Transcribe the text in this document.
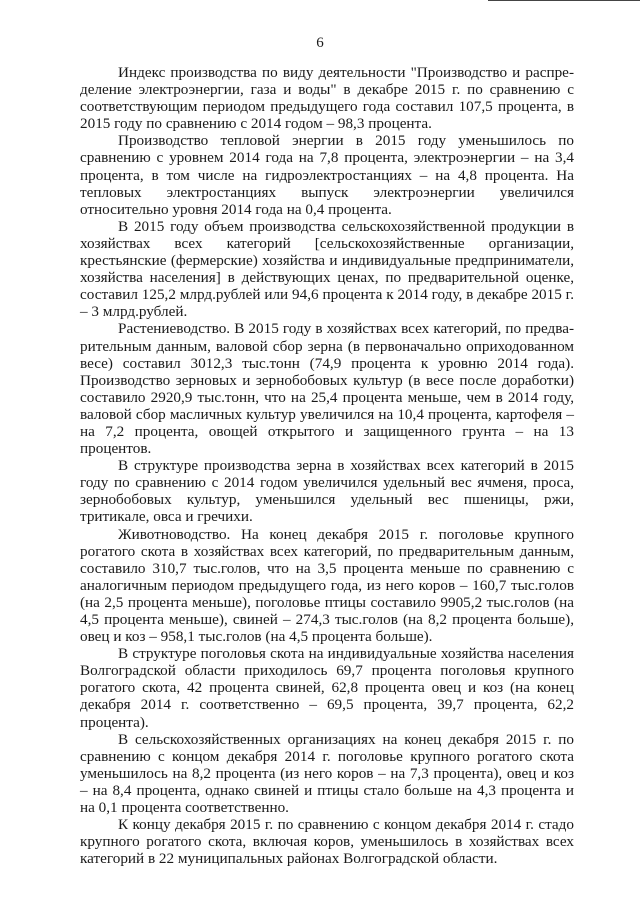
6

Индекс производства по виду деятельности "Производство и распределение электроэнергии, газа и воды" в декабре 2015 г. по сравнению с соответствующим периодом предыдущего года составил 107,5 процента, в 2015 году по сравнению с 2014 годом – 98,3 процента.

Производство тепловой энергии в 2015 году уменьшилось по сравнению с уровнем 2014 года на 7,8 процента, электроэнергии – на 3,4 процента, в том числе на гидроэлектростанциях – на 4,8 процента. На тепловых электростанциях выпуск электроэнергии увеличился относительно уровня 2014 года на 0,4 процента.

В 2015 году объем производства сельскохозяйственной продукции в хозяйствах всех категорий [сельскохозяйственные организации, крестьянские (фермерские) хозяйства и индивидуальные предприниматели, хозяйства населения] в действующих ценах, по предварительной оценке, составил 125,2 млрд.рублей или 94,6 процента к 2014 году, в декабре 2015 г. – 3 млрд.рублей.

Растениеводство. В 2015 году в хозяйствах всех категорий, по предварительным данным, валовой сбор зерна (в первоначально оприходованном весе) составил 3012,3 тыс.тонн (74,9 процента к уровню 2014 года). Производство зерновых и зернобобовых культур (в весе после доработки) составило 2920,9 тыс.тонн, что на 25,4 процента меньше, чем в 2014 году, валовой сбор масличных культур увеличился на 10,4 процента, картофеля – на 7,2 процента, овощей открытого и защищенного грунта – на 13 процентов.

В структуре производства зерна в хозяйствах всех категорий в 2015 году по сравнению с 2014 годом увеличился удельный вес ячменя, проса, зернобобовых культур, уменьшился удельный вес пшеницы, ржи, тритикале, овса и гречихи.

Животноводство. На конец декабря 2015 г. поголовье крупного рогатого скота в хозяйствах всех категорий, по предварительным данным, составило 310,7 тыс.голов, что на 3,5 процента меньше по сравнению с аналогичным периодом предыдущего года, из него коров – 160,7 тыс.голов (на 2,5 процента меньше), поголовье птицы составило 9905,2 тыс.голов (на 4,5 процента меньше), свиней – 274,3 тыс.голов (на 8,2 процента больше), овец и коз – 958,1 тыс.голов (на 4,5 процента больше).

В структуре поголовья скота на индивидуальные хозяйства населения Волгоградской области приходилось 69,7 процента поголовья крупного рогатого скота, 42 процента свиней, 62,8 процента овец и коз (на конец декабря 2014 г. соответственно – 69,5 процента, 39,7 процента, 62,2 процента).

В сельскохозяйственных организациях на конец декабря 2015 г. по сравнению с концом декабря 2014 г. поголовье крупного рогатого скота уменьшилось на 8,2 процента (из него коров – на 7,3 процента), овец и коз – на 8,4 процента, однако свиней и птицы стало больше на 4,3 процента и на 0,1 процента соответственно.

К концу декабря 2015 г. по сравнению с концом декабря 2014 г. стадо крупного рогатого скота, включая коров, уменьшилось в хозяйствах всех категорий в 22 муниципальных районах Волгоградской области.
